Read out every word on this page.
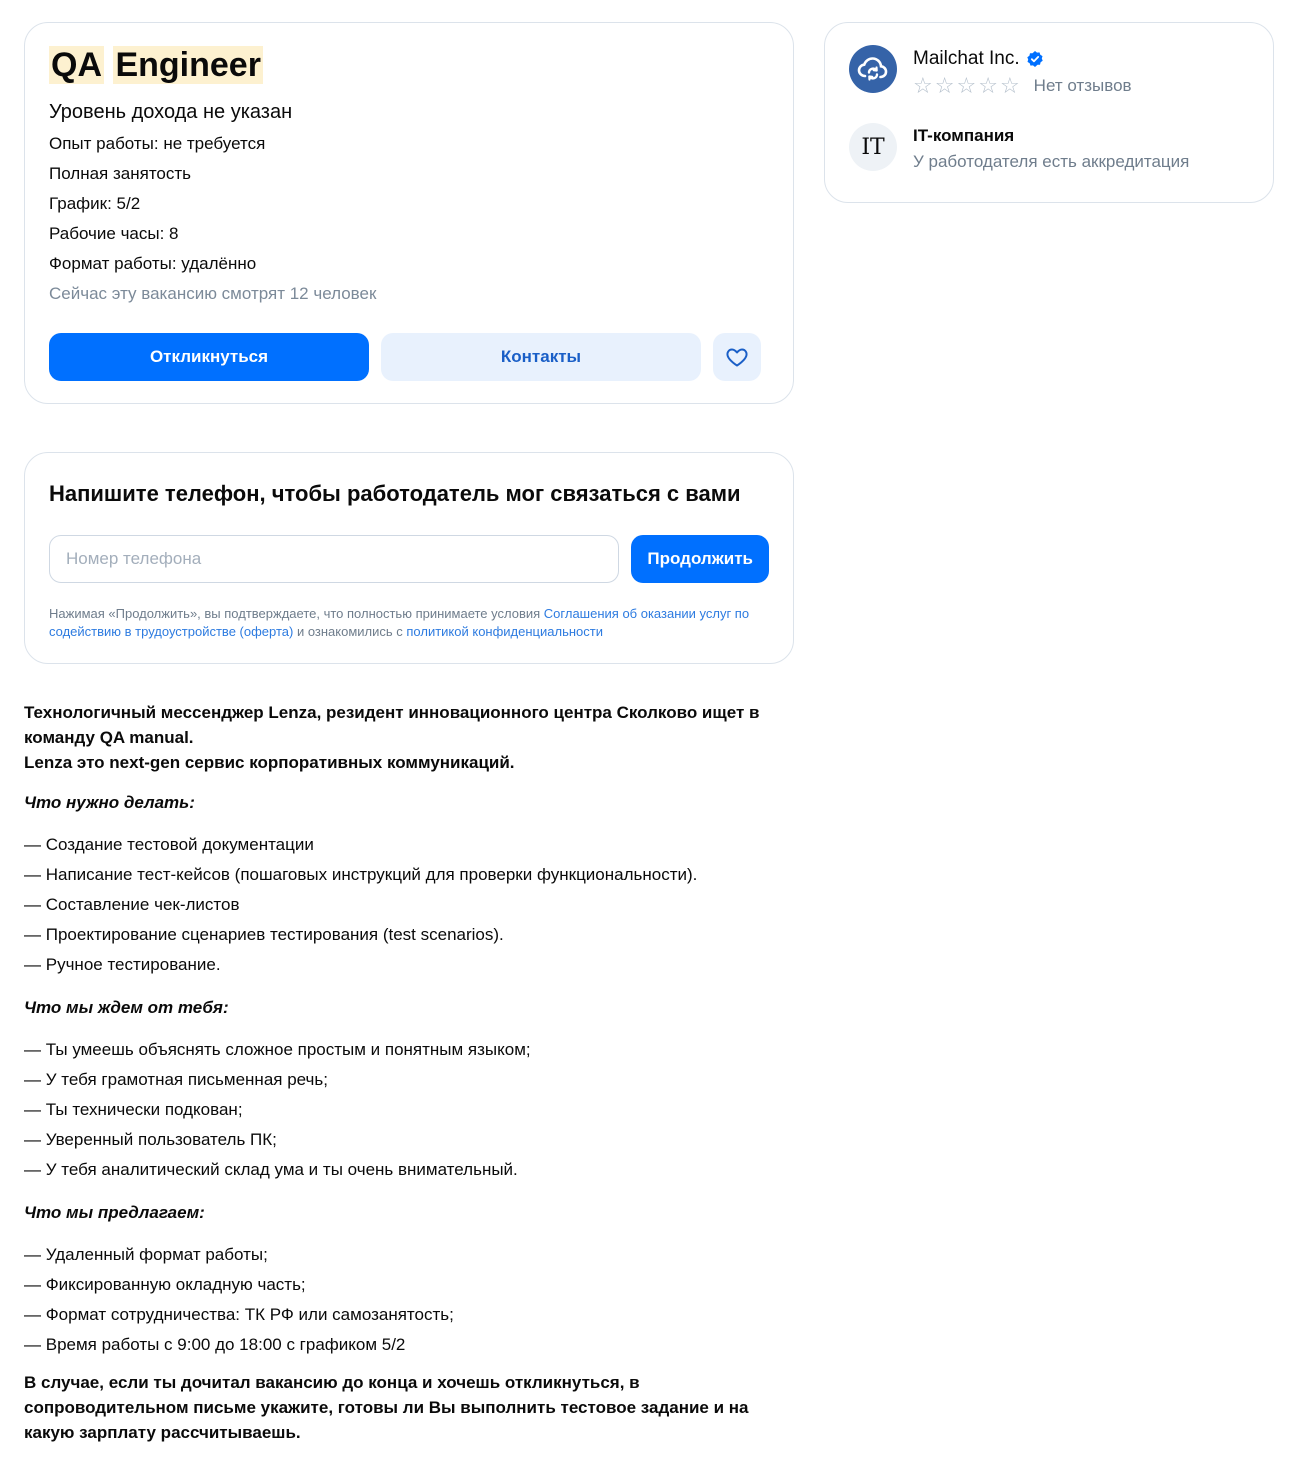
QA Engineer
Уровень дохода не указан
Опыт работы: не требуется
Полная занятость
График: 5/2
Рабочие часы: 8
Формат работы: удалённо
Сейчас эту вакансию смотрят 12 человек
Откликнуться	Контакты
Mailchat Inc.
☆ ☆ ☆ ☆ ☆ Нет отзывов
IT	IT-компания
У работодателя есть аккредитация
Напишите телефон, чтобы работодатель мог связаться с вами
Номер телефона
Продолжить

Нажимая «Продолжить», вы подтверждаете, что полностью принимаете условия Соглашения об оказании услуг по содействию в трудоустройстве (оферта) и ознакомились с политикой конфиденциальности

Технологичный мессенджер Lenza, резидент инновационного центра Сколково ищет в команду QA manual.
Lenza это next-gen сервис корпоративных коммуникаций.

Что нужно делать:

— Создание тестовой документации
— Написание тест-кейсов (пошаговых инструкций для проверки функциональности).
— Составление чек-листов
— Проектирование сценариев тестирования (test scenarios).
— Ручное тестирование.

Что мы ждем от тебя:

— Ты умеешь объяснять сложное простым и понятным языком;
— У тебя грамотная письменная речь;
— Ты технически подкован;
— Уверенный пользователь ПК;
— У тебя аналитический склад ума и ты очень внимательный.

Что мы предлагаем:

— Удаленный формат работы;
— Фиксированную окладную часть;
— Формат сотрудничества: ТК РФ или самозанятость;
— Время работы с 9:00 до 18:00 с графиком 5/2

В случае, если ты дочитал вакансию до конца и хочешь откликнуться, в сопроводительном письме укажите, готовы ли Вы выполнить тестовое задание и на какую зарплату рассчитываешь.
